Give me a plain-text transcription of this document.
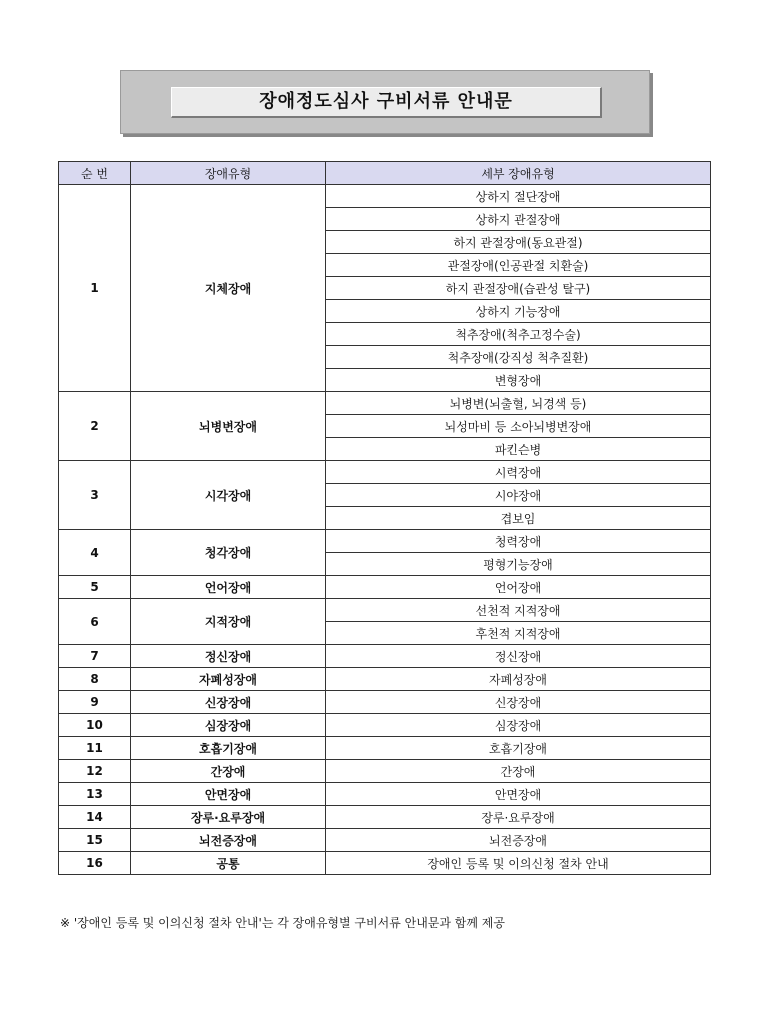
장애정도심사 구비서류 안내문
순 번	장애유형	세부 장애유형
1	지체장애	상하지 절단장애
		상하지 관절장애
		하지 관절장애(동요관절)
		관절장애(인공관절 치환술)
		하지 관절장애(습관성 탈구)
		상하지 기능장애
		척추장애(척추고정수술)
		척추장애(강직성 척추질환)
		변형장애
2	뇌병변장애	뇌병변(뇌출혈, 뇌경색 등)
		뇌성마비 등 소아뇌병변장애
		파킨슨병
3	시각장애	시력장애
		시야장애
		겹보임
4	청각장애	청력장애
		평형기능장애
5	언어장애	언어장애
6	지적장애	선천적 지적장애
		후천적 지적장애
7	정신장애	정신장애
8	자폐성장애	자폐성장애
9	신장장애	신장장애
10	심장장애	심장장애
11	호흡기장애	호흡기장애
12	간장애	간장애
13	안면장애	안면장애
14	장루·요루장애	장루·요루장애
15	뇌전증장애	뇌전증장애
16	공통	장애인 등록 및 이의신청 절차 안내
※ '장애인 등록 및 이의신청 절차 안내'는 각 장애유형별 구비서류 안내문과 함께 제공
